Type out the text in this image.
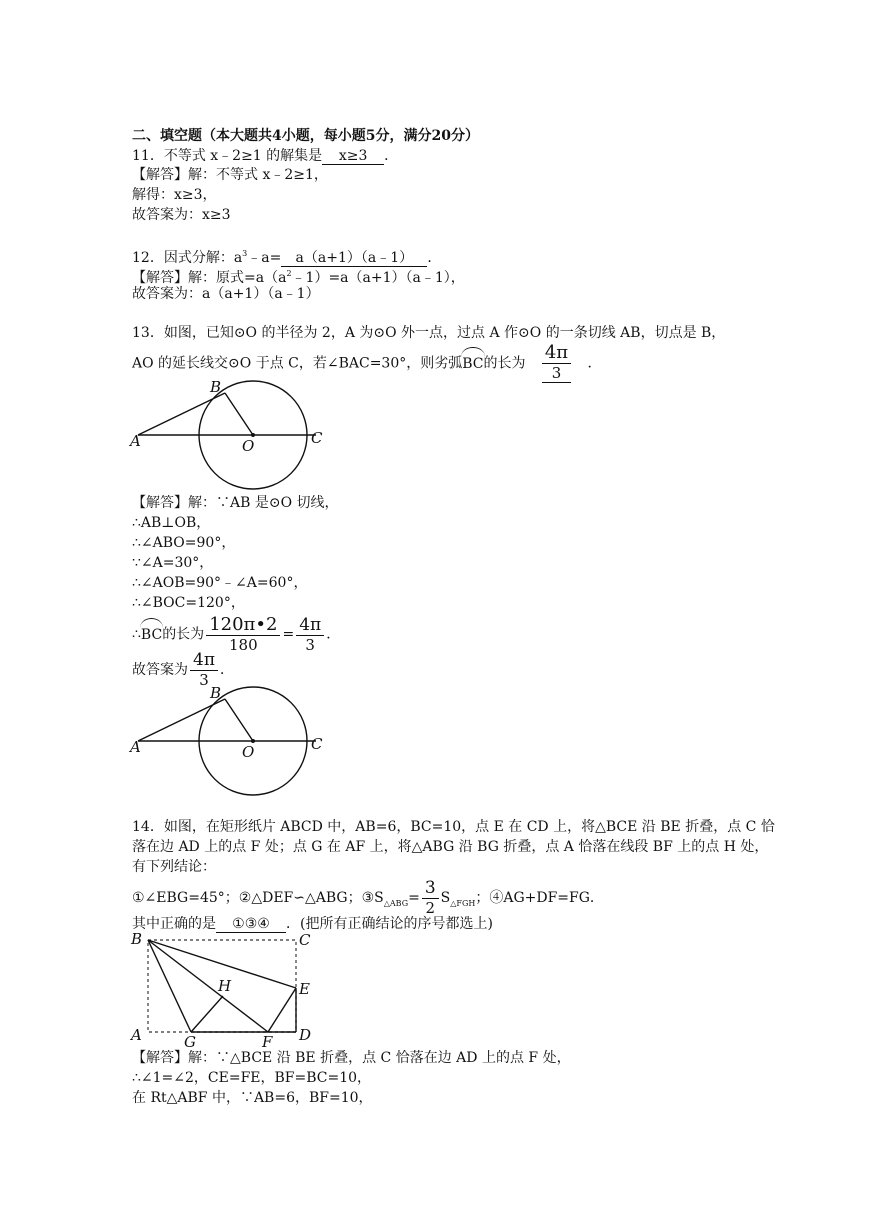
二、填空题（本大题共4小题，每小题5分，满分20分）
11．不等式 x﹣2≥1 的解集是 x≥3 ．
【解答】解：不等式 x﹣2≥1，
解得：x≥3，
故答案为：x≥3
12．因式分解：$a^3﹣a=$ a（a+1）（a﹣1） ．
【解答】解：原式$=a(a^2﹣1)=a(a+1)(a﹣1)$，
故答案为：a（a+1）（a﹣1）
13．如图，已知⊙O 的半径为 2，A 为⊙O 外一点，过点 A 作⊙O 的一条切线 AB，切点是 B，
AO 的延长线交⊙O 于点 C，若∠BAC=30°，则劣弧BC的长为 $\frac{4\pi}{3}$ ．
A
B
O	C
【解答】解：∵AB 是⊙O 切线，
∴AB⊥OB，
∴∠ABO=90°，
∵∠A=30°，
∴∠AOB=90°﹣∠A=60°，
∴∠BOC=120°，
∴BC的长为 $\frac{120\pi•2}{180} = \frac{4\pi}{3}$ ．
故答案为 $\frac{4\pi}{3}$ ．
A
B
O	C
14．如图，在矩形纸片 ABCD 中，AB=6，BC=10，点 E 在 CD 上，将△BCE 沿 BE 折叠，点 C 恰
落在边 AD 上的点 F 处；点 G 在 AF 上，将△ABG 沿 BG 折叠，点 A 恰落在线段 BF 上的点 H 处，
有下列结论：
①∠EBG=45°；②△DEF∽△ABG；$③S_{\triangle ABG}= \frac{3}{2} S_{\triangle FGH}$；④AG+DF=FG．
其中正确的是 ①③④ ．(把所有正确结论的序号都选上)
B	C
H	E
A	G	F D
【解答】解：∵△BCE 沿 BE 折叠，点 C 恰落在边 AD 上的点 F 处，
∴∠1=∠2，CE=FE，BF=BC=10，
在 Rt△ABF 中，∵AB=6，BF=10，
